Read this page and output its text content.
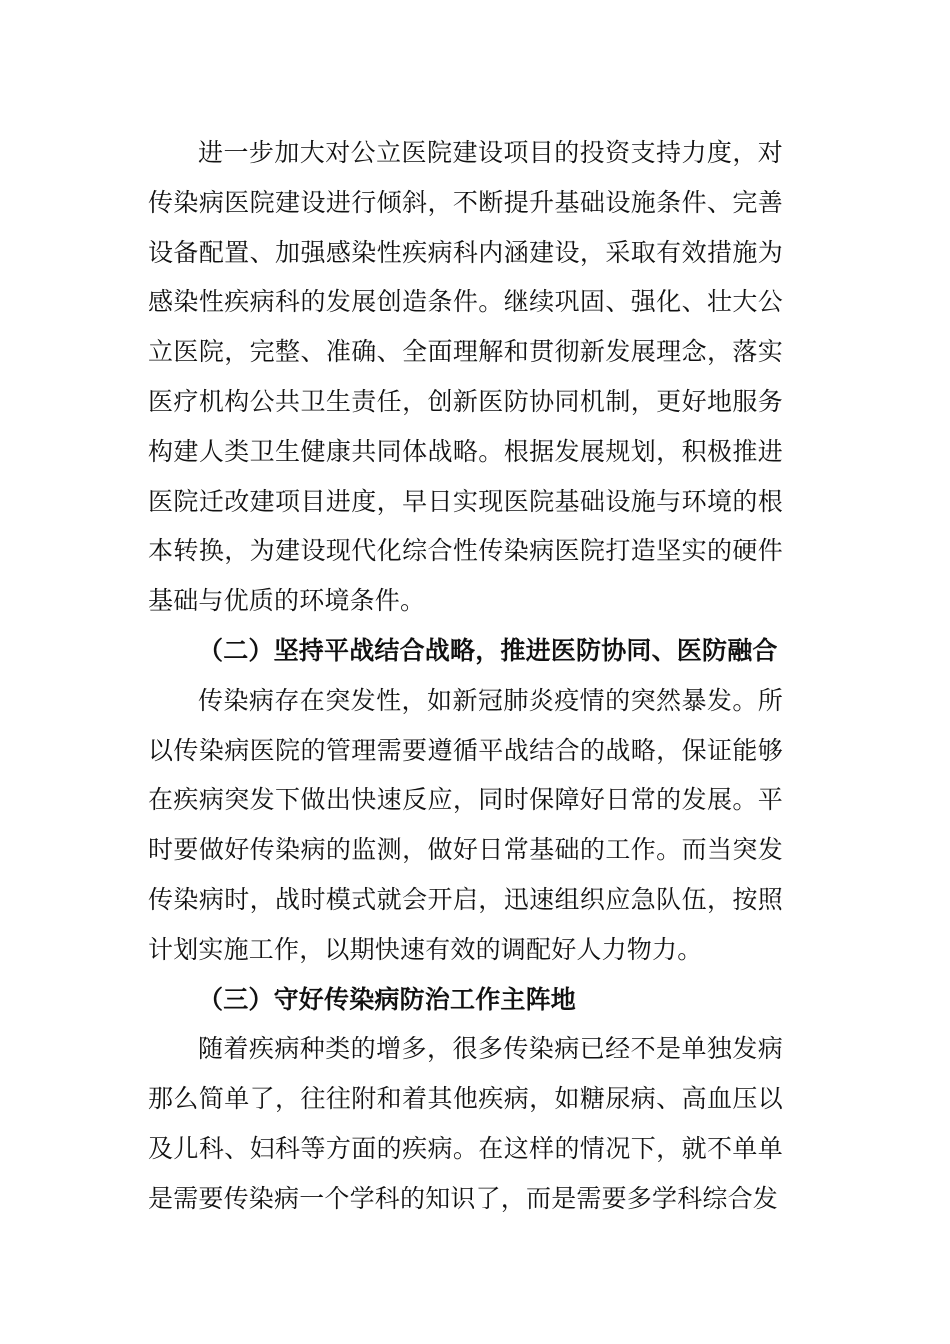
进一步加大对公立医院建设项目的投资支持力度，对传染病医院建设进行倾斜，不断提升基础设施条件、完善设备配置、加强感染性疾病科内涵建设，采取有效措施为感染性疾病科的发展创造条件。继续巩固、强化、壮大公立医院，完整、准确、全面理解和贯彻新发展理念，落实医疗机构公共卫生责任，创新医防协同机制，更好地服务构建人类卫生健康共同体战略。根据发展规划，积极推进医院迁改建项目进度，早日实现医院基础设施与环境的根本转换，为建设现代化综合性传染病医院打造坚实的硬件基础与优质的环境条件。

（二）坚持平战结合战略，推进医防协同、医防融合

传染病存在突发性，如新冠肺炎疫情的突然暴发。所以传染病医院的管理需要遵循平战结合的战略，保证能够在疾病突发下做出快速反应，同时保障好日常的发展。平时要做好传染病的监测，做好日常基础的工作。而当突发传染病时，战时模式就会开启，迅速组织应急队伍，按照计划实施工作，以期快速有效的调配好人力物力。

（三）守好传染病防治工作主阵地

随着疾病种类的增多，很多传染病已经不是单独发病那么简单了，往往附和着其他疾病，如糖尿病、高血压以及儿科、妇科等方面的疾病。在这样的情况下，就不单单是需要传染病一个学科的知识了，而是需要多学科综合发
